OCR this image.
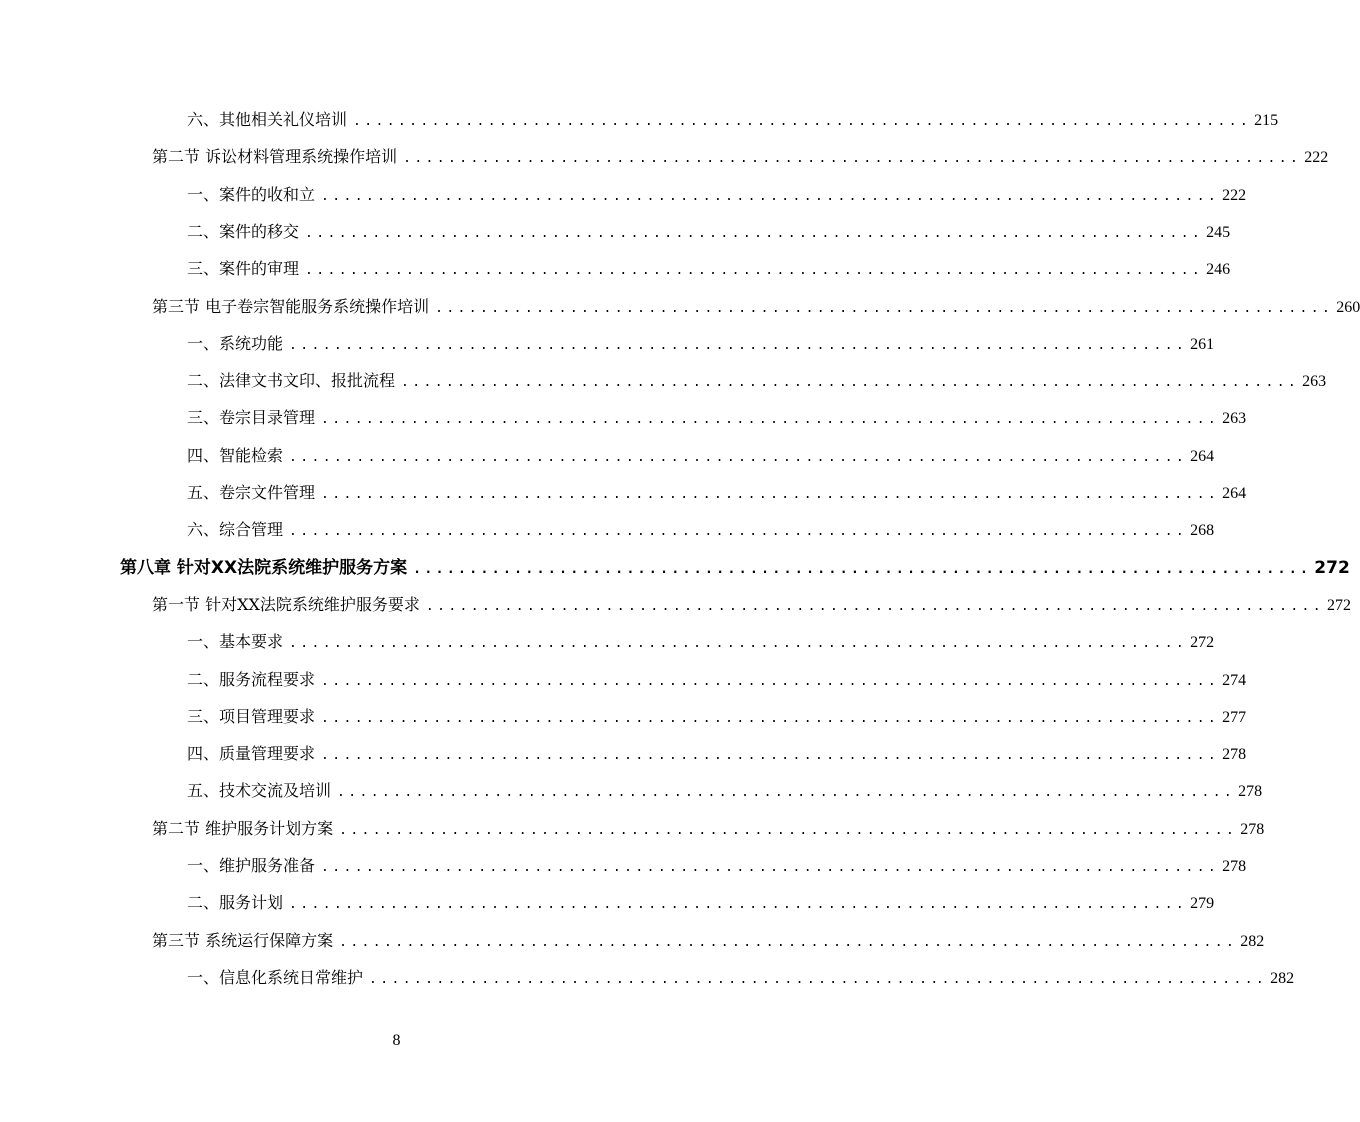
六、其他相关礼仪培训 ................................................................................ 215
第二节 诉讼材料管理系统操作培训 ................................................................................ 222
一、案件的收和立 ................................................................................ 222
二、案件的移交 ................................................................................ 245
三、案件的审理 ................................................................................ 246
第三节 电子卷宗智能服务系统操作培训 ................................................................................ 260
一、系统功能 ................................................................................ 261
二、法律文书文印、报批流程 ................................................................................ 263
三、卷宗目录管理 ................................................................................ 263
四、智能检索 ................................................................................ 264
五、卷宗文件管理 ................................................................................ 264
六、综合管理 ................................................................................ 268
第八章 针对XX法院系统维护服务方案 ................................................................................ 272
第一节 针对XX法院系统维护服务要求 ................................................................................ 272
一、基本要求 ................................................................................ 272
二、服务流程要求 ................................................................................ 274
三、项目管理要求 ................................................................................ 277
四、质量管理要求 ................................................................................ 278
五、技术交流及培训 ................................................................................ 278
第二节 维护服务计划方案 ................................................................................ 278
一、维护服务准备 ................................................................................ 278
二、服务计划 ................................................................................ 279
第三节 系统运行保障方案 ................................................................................ 282
一、信息化系统日常维护 ................................................................................ 282
8
